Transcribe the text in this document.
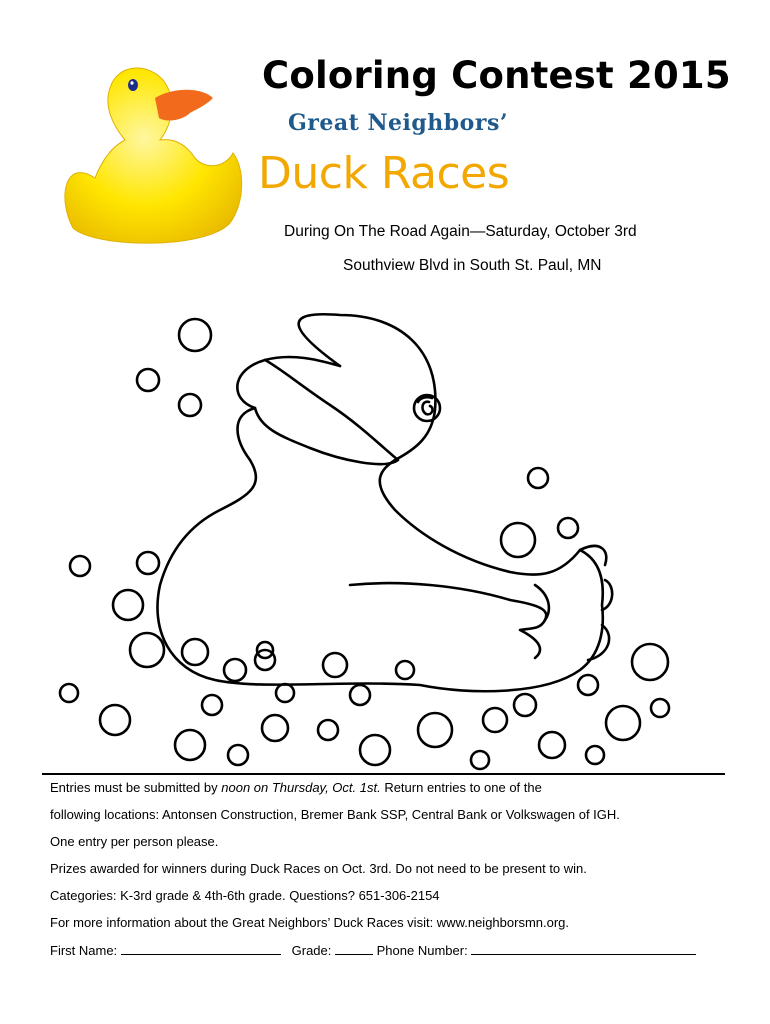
Coloring Contest 2015
Great Neighbors’
Duck Races
During On The Road Again—Saturday, October 3rd
Southview Blvd in South St. Paul, MN

Entries must be submitted by noon on Thursday, Oct. 1st. Return entries to one of the

following locations: Antonsen Construction, Bremer Bank SSP, Central Bank or Volkswagen of IGH.

One entry per person please.

Prizes awarded for winners during Duck Races on Oct. 3rd. Do not need to be present to win.

Categories: K-3rd grade & 4th-6th grade. Questions? 651-306-2154

For more information about the Great Neighbors’ Duck Races visit: www.neighborsmn.org.

First Name:	Grade:	Phone Number:
